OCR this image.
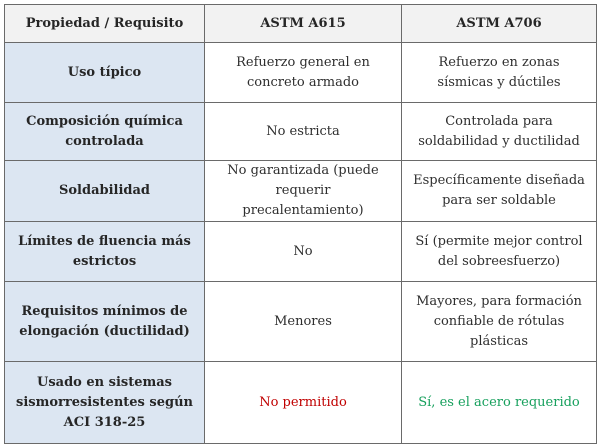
Propiedad / Requisito	ASTM A615	ASTM A706
Uso típico	Refuerzo general en concreto armado	Refuerzo en zonas sísmicas y dúctiles
Composición química controlada	No estricta	Controlada para soldabilidad y ductilidad
Soldabilidad	No garantizada (puede requerir precalentamiento)	Específicamente diseñada para ser soldable
Límites de fluencia más estrictos	No	Sí (permite mejor control del sobreesfuerzo)
Requisitos mínimos de elongación (ductilidad)	Menores	Mayores, para formación confiable de rótulas plásticas
Usado en sistemas sismorresistentes según ACI 318-25	No permitido	Sí, es el acero requerido
